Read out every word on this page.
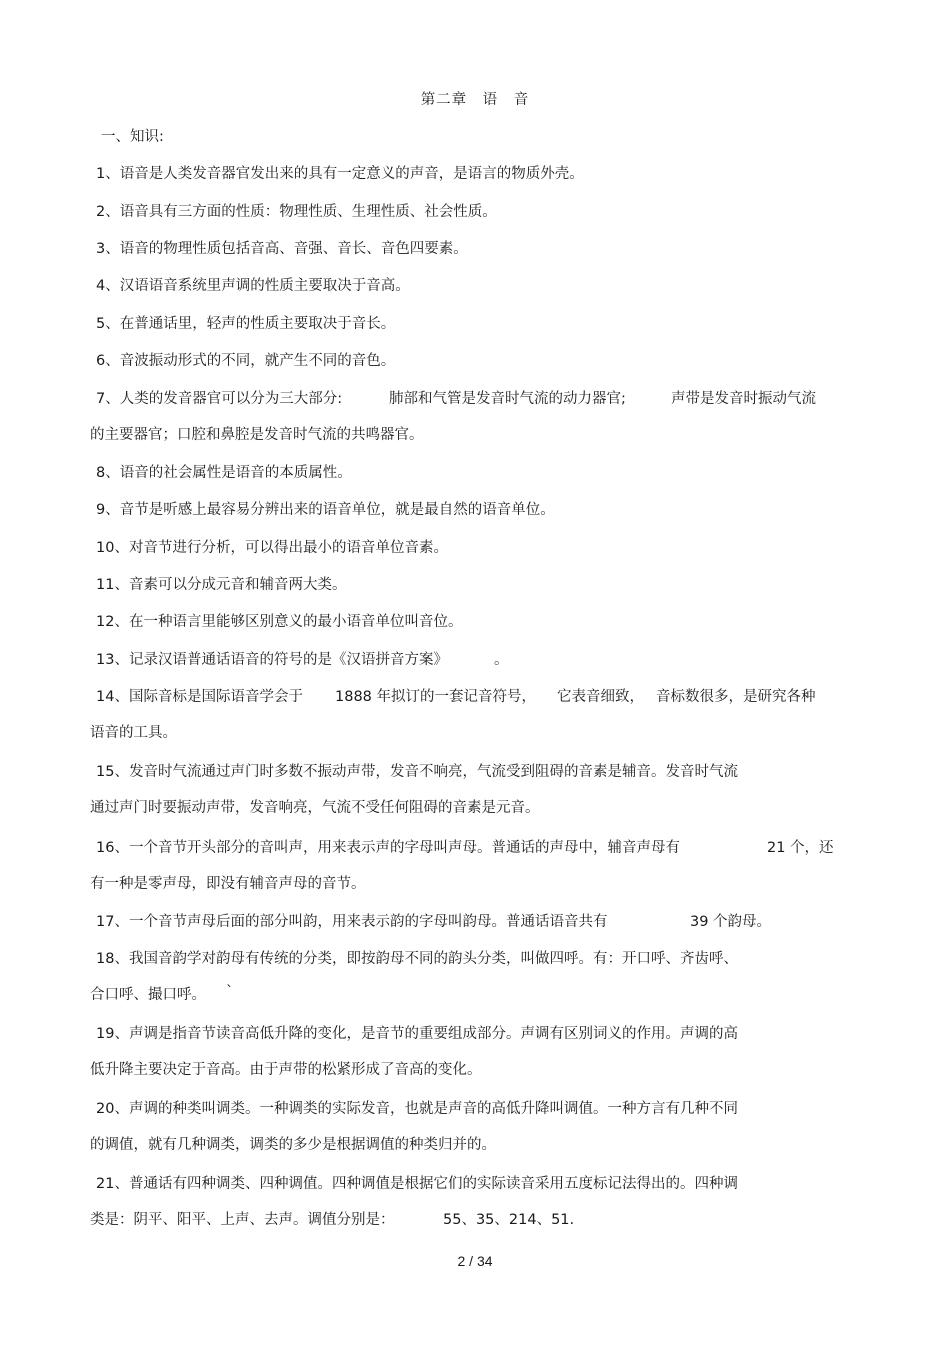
第二章　语 音
一、知识:
1、语音是人类发音器官发出来的具有一定意义的声音，是语言的物质外壳。
2、语音具有三方面的性质：物理性质、生理性质、社会性质。
3、语音的物理性质包括音高、音强、音长、音色四要素。
4、汉语语音系统里声调的性质主要取决于音高。
5、在普通话里，轻声的性质主要取决于音长。
6、音波振动形式的不同，就产生不同的音色。
7、人类的发音器官可以分为三大部分:	肺部和气管是发音时气流的动力器官;	声带是发音时振动气流
的主要器官；口腔和鼻腔是发音时气流的共鸣器官。
8、语音的社会属性是语音的本质属性。
9、音节是听感上最容易分辨出来的语音单位，就是最自然的语音单位。
10、对音节进行分析，可以得出最小的语音单位音素。
11、音素可以分成元音和辅音两大类。
12、在一种语言里能够区别意义的最小语音单位叫音位。
13、记录汉语普通话语音的符号的是《汉语拼音方案》	。
14、国际音标是国际语音学会于 1888 年拟订的一套记音符号， 它表音细致， 音标数很多，是研究各种
语音的工具。
15、发音时气流通过声门时多数不振动声带，发音不响亮，气流受到阻碍的音素是辅音。发音时气流
通过声门时要振动声带，发音响亮，气流不受任何阻碍的音素是元音。
16、一个音节开头部分的音叫声，用来表示声的字母叫声母。普通话的声母中，辅音声母有	21 个，还
有一种是零声母，即没有辅音声母的音节。
17、一个音节声母后面的部分叫韵，用来表示韵的字母叫韵母。普通话语音共有	39 个韵母。
18、我国音韵学对韵母有传统的分类，即按韵母不同的韵头分类，叫做四呼。有：开口呼、齐齿呼、
合口呼、撮口呼。 `
19、声调是指音节读音高低升降的变化，是音节的重要组成部分。声调有区别词义的作用。声调的高
低升降主要决定于音高。由于声带的松紧形成了音高的变化。
20、声调的种类叫调类。一种调类的实际发音，也就是声音的高低升降叫调值。一种方言有几种不同
的调值，就有几种调类，调类的多少是根据调值的种类归并的。
21、普通话有四种调类、四种调值。四种调值是根据它们的实际读音采用五度标记法得出的。四种调
类是：阴平、阳平、上声、去声。调值分别是：	55、35、214、51.
2 / 34
